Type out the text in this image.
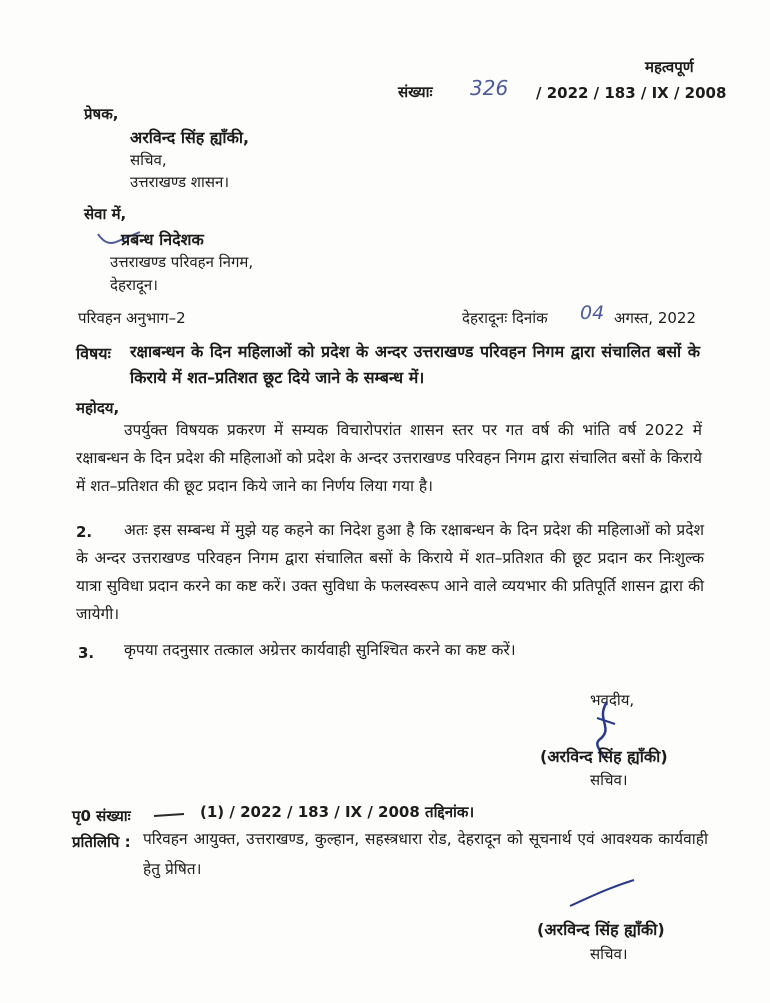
महत्वपूर्ण
संख्याः 326 / 2022 / 183 / IX / 2008
प्रेषक,
अरविन्द सिंह ह्याँकी,
सचिव,
उत्तराखण्ड शासन।
सेवा में,
प्रबन्ध निदेशक
उत्तराखण्ड परिवहन निगम,
देहरादून।
परिवहन अनुभाग–2	देहरादूनः दिनांक 04 अगस्त, 2022
विषयः रक्षाबन्धन के दिन महिलाओं को प्रदेश के अन्दर उत्तराखण्ड परिवहन निगम द्वारा संचालित बसों के किराये में शत–प्रतिशत छूट दिये जाने के सम्बन्ध में।
महोदय,
उपर्युक्त विषयक प्रकरण में सम्यक विचारोपरांत शासन स्तर पर गत वर्ष की भांति वर्ष 2022 में रक्षाबन्धन के दिन प्रदेश की महिलाओं को प्रदेश के अन्दर उत्तराखण्ड परिवहन निगम द्वारा संचालित बसों के किराये में शत–प्रतिशत की छूट प्रदान किये जाने का निर्णय लिया गया है।
2.	अतः इस सम्बन्ध में मुझे यह कहने का निदेश हुआ है कि रक्षाबन्धन के दिन प्रदेश की महिलाओं को प्रदेश के अन्दर उत्तराखण्ड परिवहन निगम द्वारा संचालित बसों के किराये में शत–प्रतिशत की छूट प्रदान कर निःशुल्क यात्रा सुविधा प्रदान करने का कष्ट करें। उक्त सुविधा के फलस्वरूप आने वाले व्ययभार की प्रतिपूर्ति शासन द्वारा की जायेगी।
3. कृपया तदनुसार तत्काल अग्रेत्तर कार्यवाही सुनिश्चित करने का कष्ट करें।
भवदीय,
(अरविन्द सिंह ह्याँकी)
सचिव।
पृ0 संख्याः	(1) / 2022 / 183 / IX / 2008 तद्दिनांक।
प्रतिलिपि : परिवहन आयुक्त, उत्तराखण्ड, कुल्हान, सहस्त्रधारा रोड, देहरादून को सूचनार्थ एवं आवश्यक कार्यवाही हेतु प्रेषित।
(अरविन्द सिंह ह्याँकी)
सचिव।
